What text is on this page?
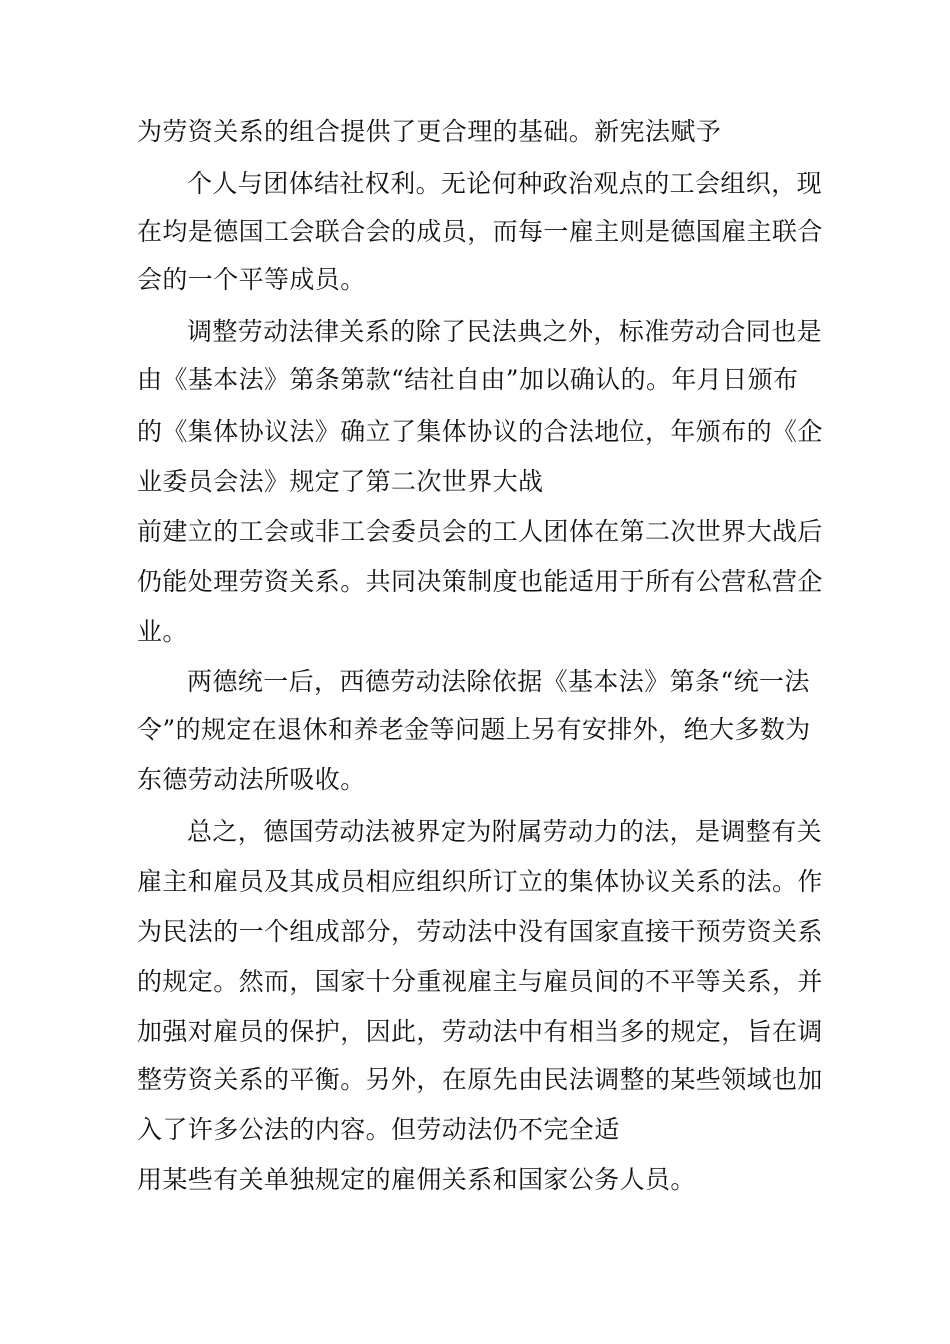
为劳资关系的组合提供了更合理的基础。新宪法赋予

个人与团体结社权利。无论何种政治观点的工会组织，现

在均是德国工会联合会的成员，而每一雇主则是德国雇主联合

会的一个平等成员。

调整劳动法律关系的除了民法典之外，标准劳动合同也是

由《基本法》第条第款“结社自由”加以确认的。年月日颁布

的《集体协议法》确立了集体协议的合法地位，年颁布的《企

业委员会法》规定了第二次世界大战

前建立的工会或非工会委员会的工人团体在第二次世界大战后

仍能处理劳资关系。共同决策制度也能适用于所有公营私营企

业。

两德统一后，西德劳动法除依据《基本法》第条“统一法

令”的规定在退休和养老金等问题上另有安排外，绝大多数为

东德劳动法所吸收。

总之，德国劳动法被界定为附属劳动力的法，是调整有关

雇主和雇员及其成员相应组织所订立的集体协议关系的法。作

为民法的一个组成部分，劳动法中没有国家直接干预劳资关系

的规定。然而，国家十分重视雇主与雇员间的不平等关系，并

加强对雇员的保护，因此，劳动法中有相当多的规定，旨在调

整劳资关系的平衡。另外，在原先由民法调整的某些领域也加

入了许多公法的内容。但劳动法仍不完全适

用某些有关单独规定的雇佣关系和国家公务人员。
